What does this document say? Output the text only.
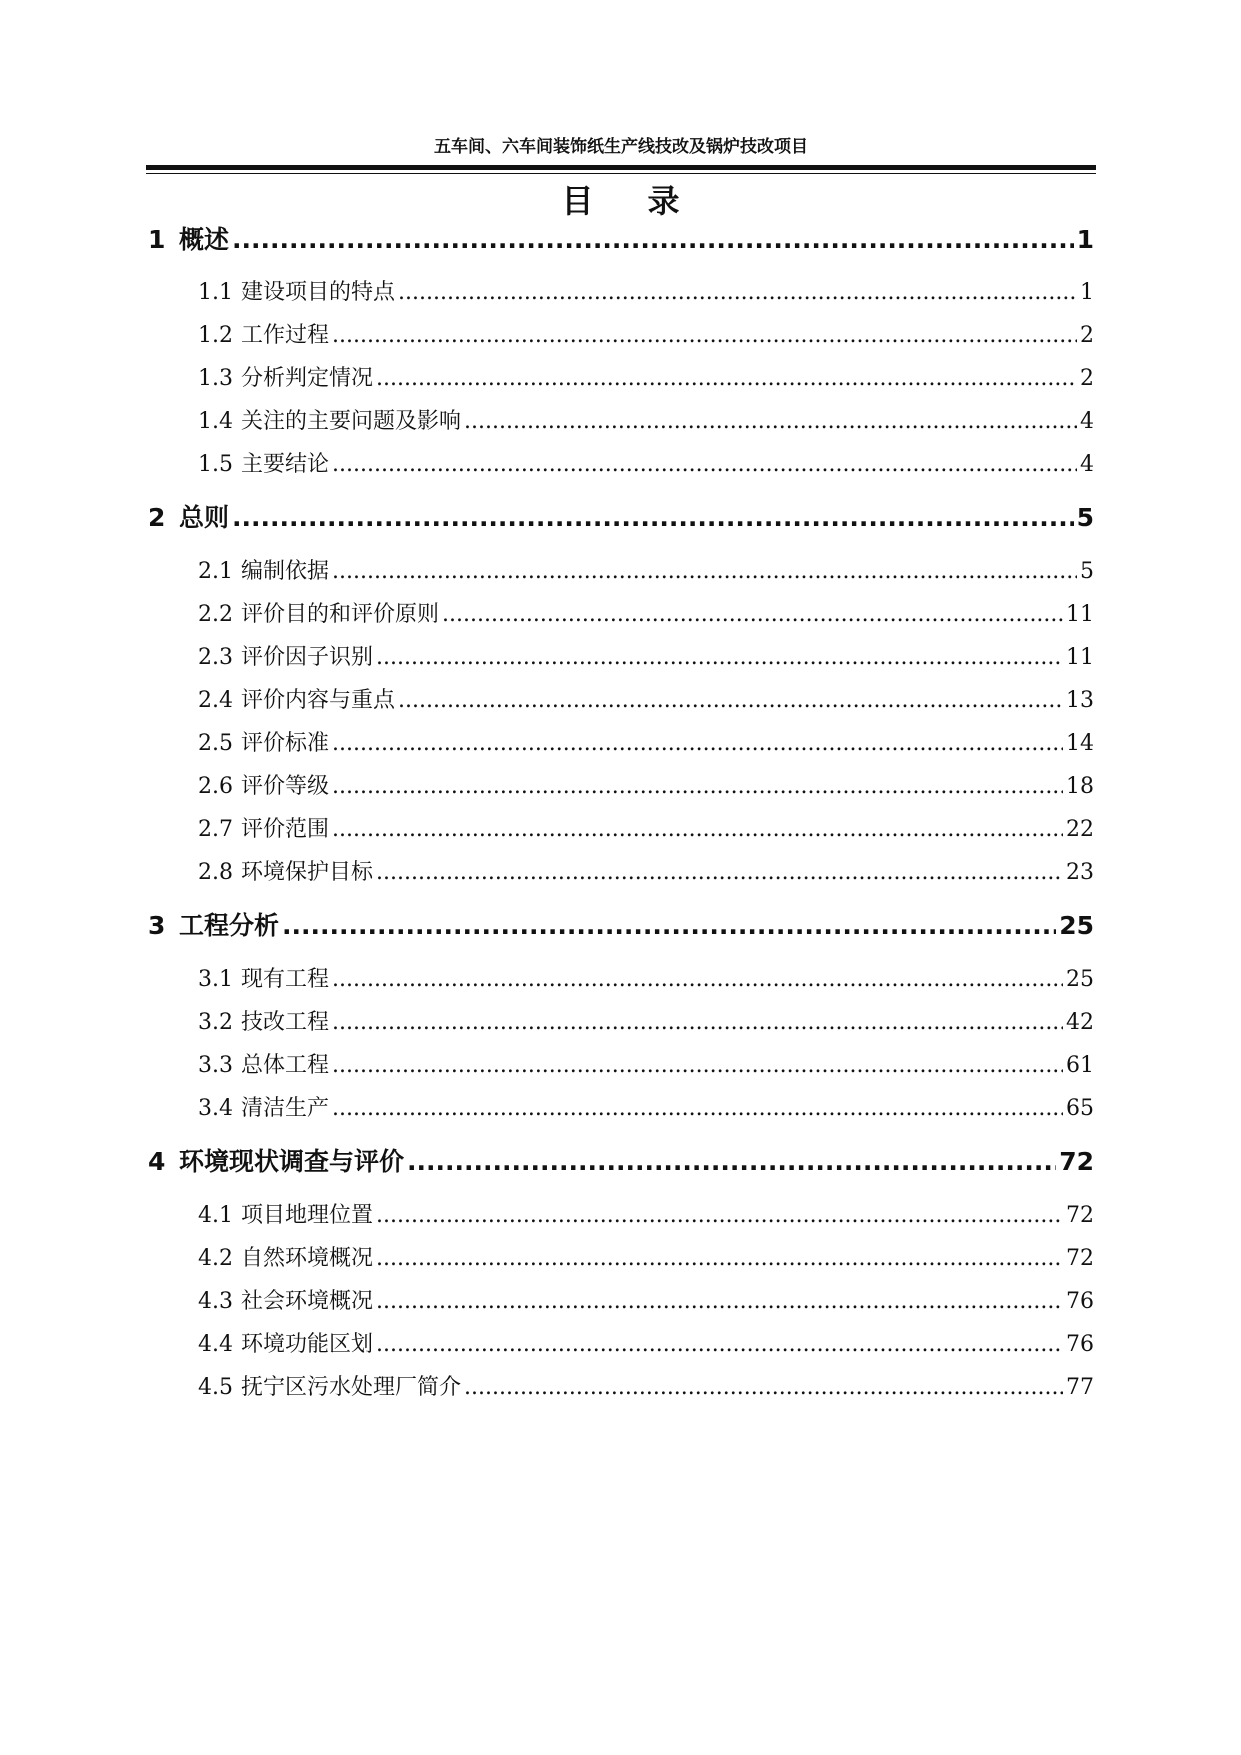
五车间、六车间装饰纸生产线技改及锅炉技改项目
目录
1 概述 .....	1
1.1 建设项目的特点 .....	1
1.2 工作过程 .....	2
1.3 分析判定情况 .....	2
1.4 关注的主要问题及影响 .....	4
1.5 主要结论 .....	4
2 总则 .....	5
2.1 编制依据 .....	5
2.2 评价目的和评价原则 .....	11
2.3 评价因子识别 .....	11
2.4 评价内容与重点 .....	13
2.5 评价标准 .....	14
2.6 评价等级 .....	18
2.7 评价范围 .....	22
2.8 环境保护目标 .....	23
3 工程分析 .....	25
3.1 现有工程 .....	25
3.2 技改工程 .....	42
3.3 总体工程 .....	61
3.4 清洁生产 .....	65
4 环境现状调查与评价 .....	72
4.1 项目地理位置 .....	72
4.2 自然环境概况 .....	72
4.3 社会环境概况 .....	76
4.4 环境功能区划 .....	76
4.5 抚宁区污水处理厂简介 .....	77
